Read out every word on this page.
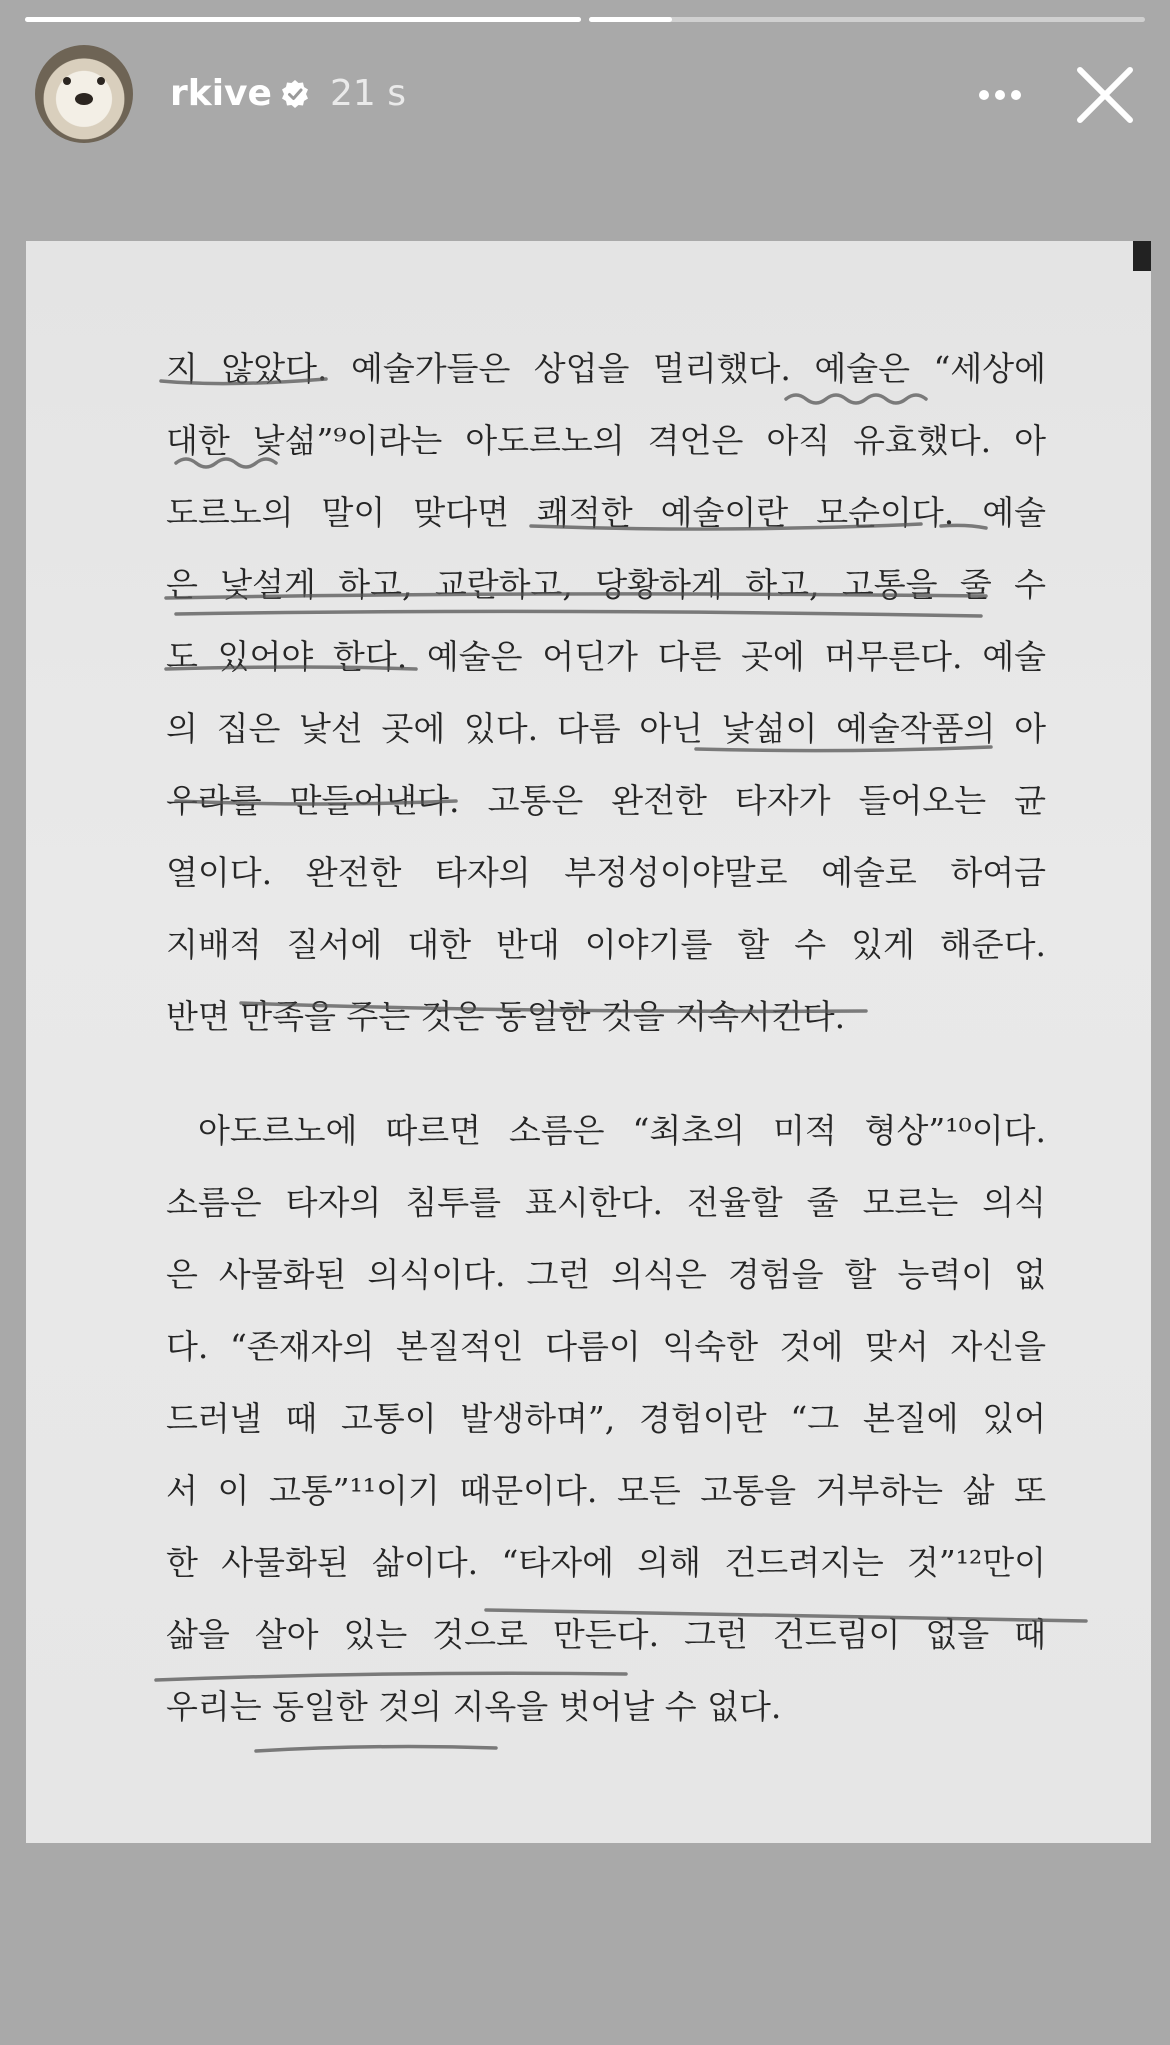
rkive 21 s
지 않았다. 예술가들은 상업을 멀리했다. 예술은 “세상에
대한 낯섦”⁹이라는 아도르노의 격언은 아직 유효했다. 아
도르노의 말이 맞다면 쾌적한 예술이란 모순이다. 예술
은 낯설게 하고, 교란하고, 당황하게 하고, 고통을 줄 수
도 있어야 한다. 예술은 어딘가 다른 곳에 머무른다. 예술
의 집은 낯선 곳에 있다. 다름 아닌 낯섦이 예술작품의 아
우라를 만들어낸다. 고통은 완전한 타자가 들어오는 균
열이다. 완전한 타자의 부정성이야말로 예술로 하여금
지배적 질서에 대한 반대 이야기를 할 수 있게 해준다.
반면 만족을 주는 것은 동일한 것을 지속시킨다.
아도르노에 따르면 소름은 “최초의 미적 형상”¹⁰이다.
소름은 타자의 침투를 표시한다. 전율할 줄 모르는 의식
은 사물화된 의식이다. 그런 의식은 경험을 할 능력이 없
다. “존재자의 본질적인 다름이 익숙한 것에 맞서 자신을
드러낼 때 고통이 발생하며”, 경험이란 “그 본질에 있어
서 이 고통”¹¹이기 때문이다. 모든 고통을 거부하는 삶 또
한 사물화된 삶이다. “타자에 의해 건드려지는 것”¹²만이
삶을 살아 있는 것으로 만든다. 그런 건드림이 없을 때
우리는 동일한 것의 지옥을 벗어날 수 없다.
